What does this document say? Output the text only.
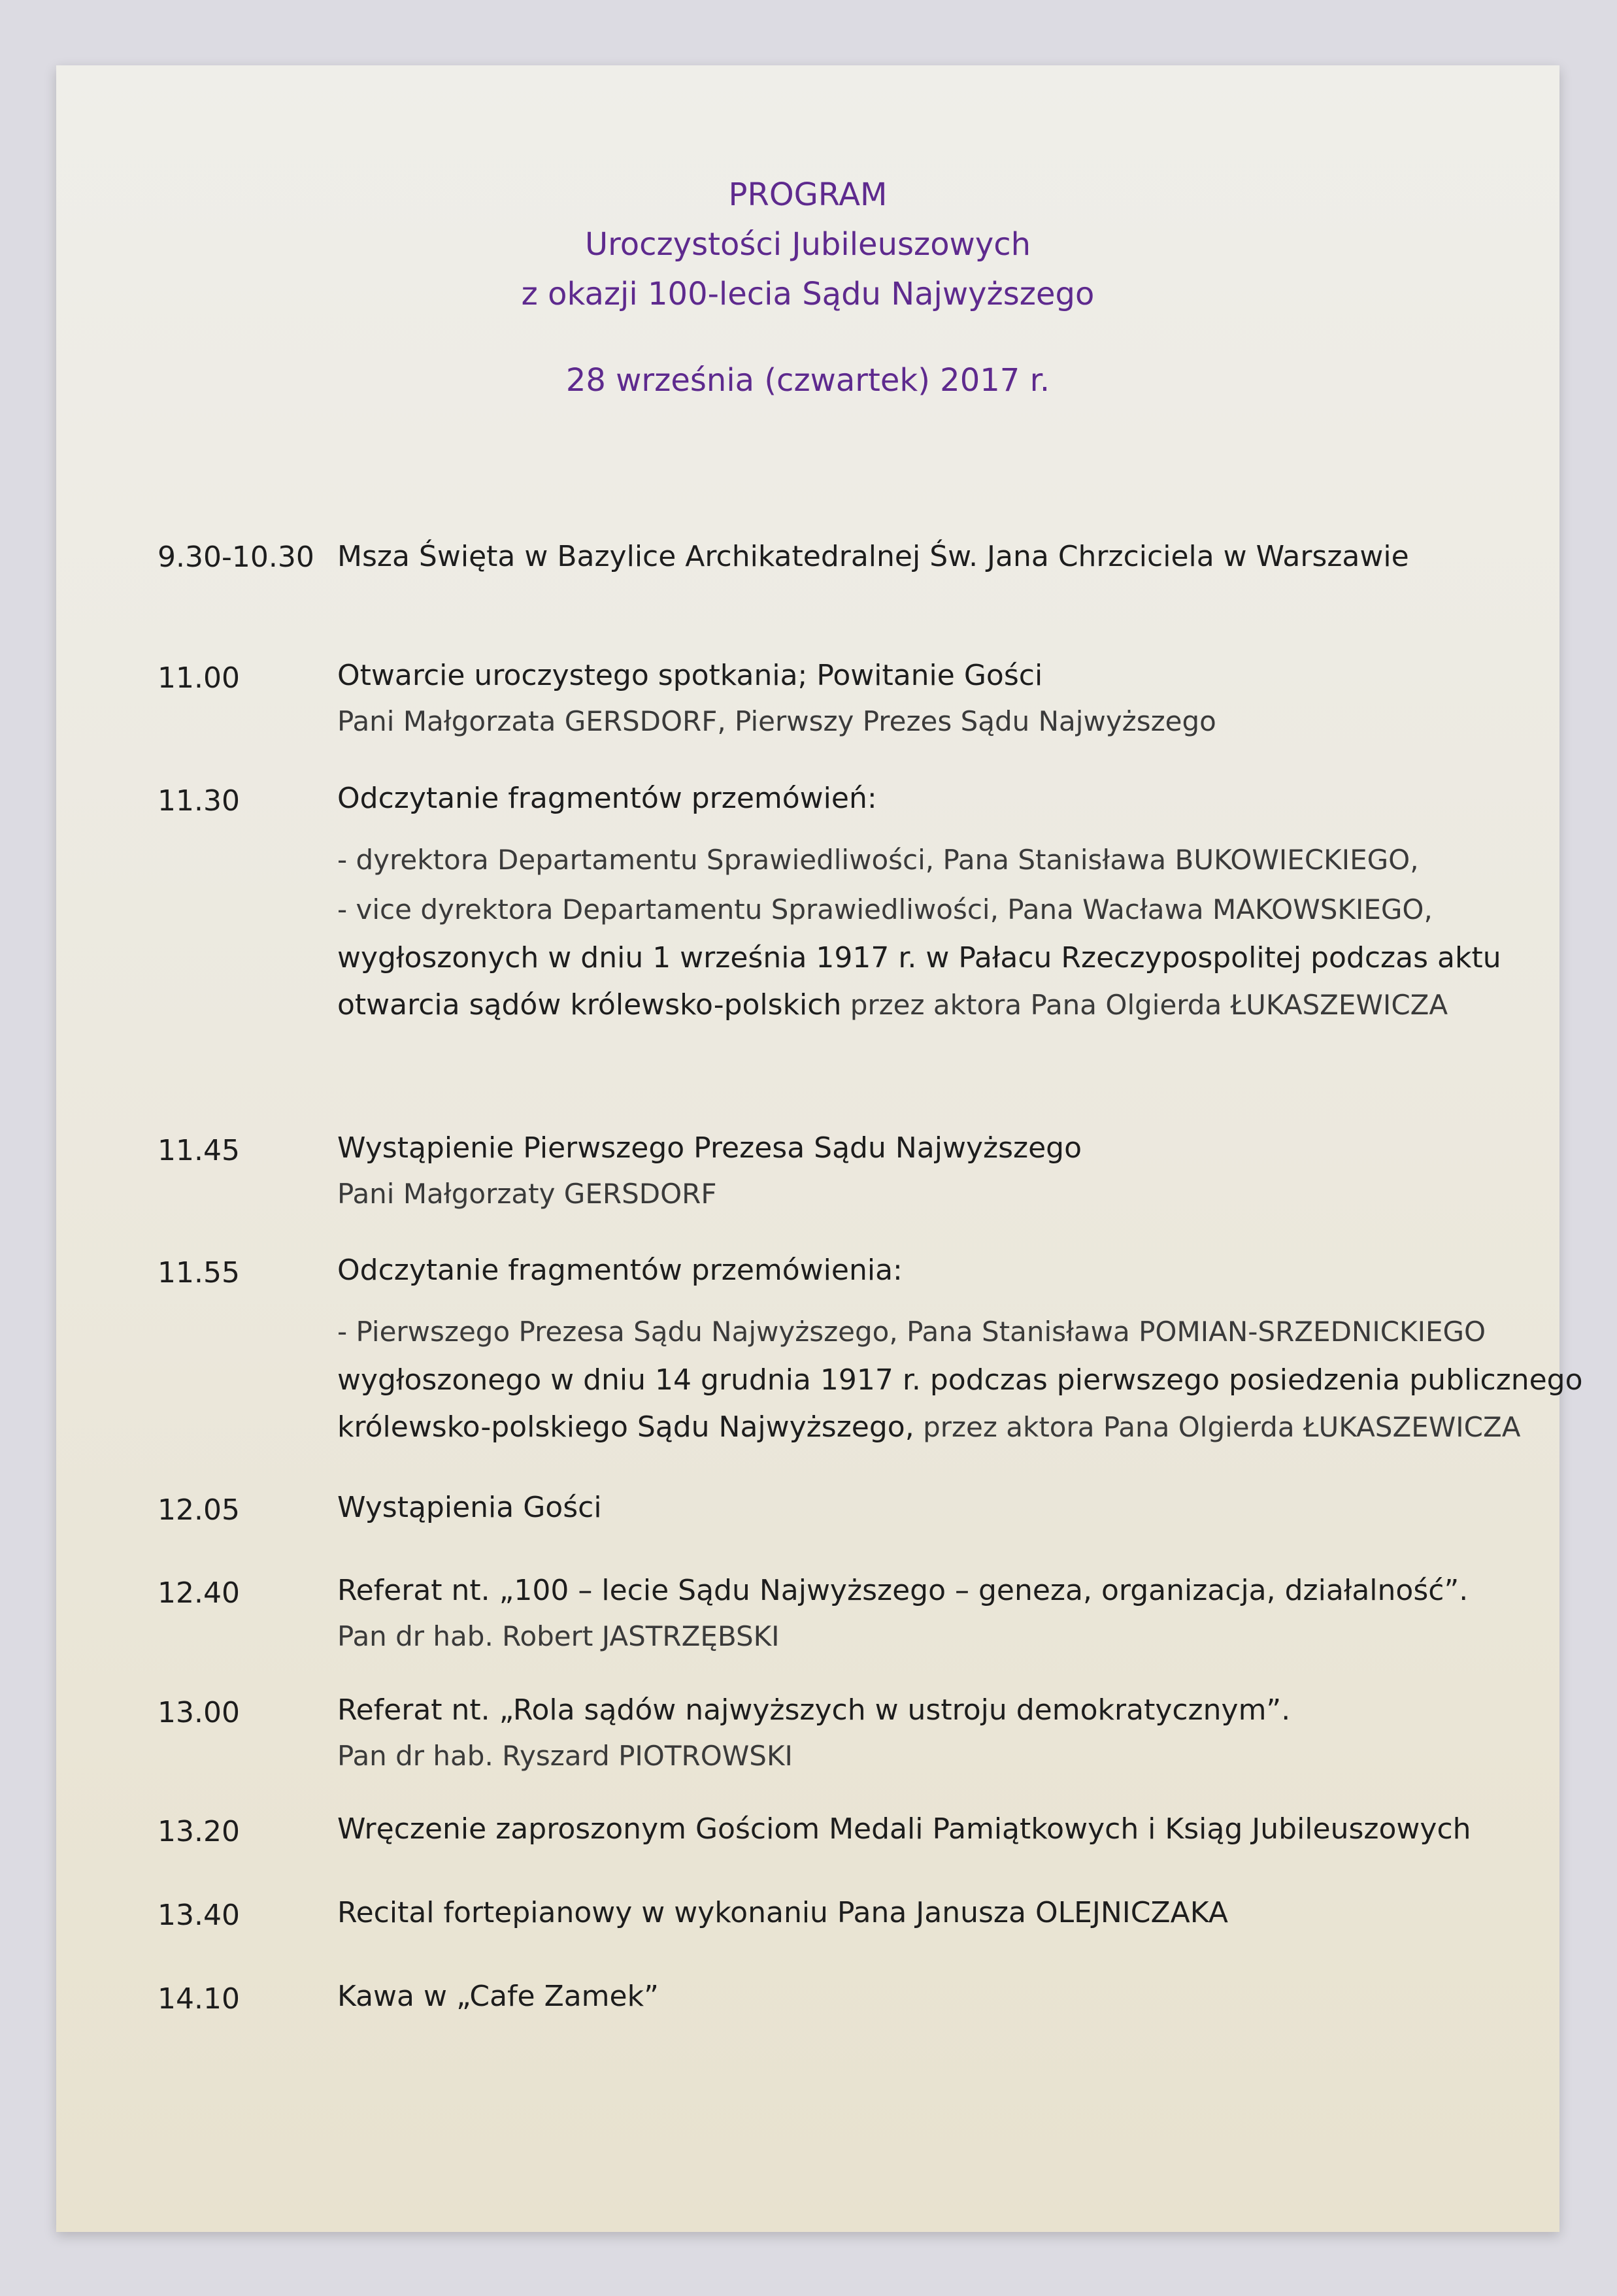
PROGRAM
Uroczystości Jubileuszowych
z okazji 100-lecia Sądu Najwyższego
28 września (czwartek) 2017 r.
9.30-10.30 Msza Święta w Bazylice Archikatedralnej Św. Jana Chrzciciela w Warszawie
11.00	Otwarcie uroczystego spotkania; Powitanie Gości
Pani Małgorzata GERSDORF, Pierwszy Prezes Sądu Najwyższego
11.30	Odczytanie fragmentów przemówień:
- dyrektora Departamentu Sprawiedliwości, Pana Stanisława BUKOWIECKIEGO,
- vice dyrektora Departamentu Sprawiedliwości, Pana Wacława MAKOWSKIEGO,
wygłoszonych w dniu 1 września 1917 r. w Pałacu Rzeczypospolitej podczas aktu
otwarcia sądów królewsko-polskich przez aktora Pana Olgierda ŁUKASZEWICZA
11.45	Wystąpienie Pierwszego Prezesa Sądu Najwyższego
Pani Małgorzaty GERSDORF
11.55	Odczytanie fragmentów przemówienia:
- Pierwszego Prezesa Sądu Najwyższego, Pana Stanisława POMIAN-SRZEDNICKIEGO
wygłoszonego w dniu 14 grudnia 1917 r. podczas pierwszego posiedzenia publicznego
królewsko-polskiego Sądu Najwyższego, przez aktora Pana Olgierda ŁUKASZEWICZA
12.05	Wystąpienia Gości
12.40	Referat nt. „100 – lecie Sądu Najwyższego – geneza, organizacja, działalność”.
Pan dr hab. Robert JASTRZĘBSKI
13.00	Referat nt. „Rola sądów najwyższych w ustroju demokratycznym”.
Pan dr hab. Ryszard PIOTROWSKI
13.20	Wręczenie zaproszonym Gościom Medali Pamiątkowych i Ksiąg Jubileuszowych
13.40	Recital fortepianowy w wykonaniu Pana Janusza OLEJNICZAKA
14.10	Kawa w „Cafe Zamek”
